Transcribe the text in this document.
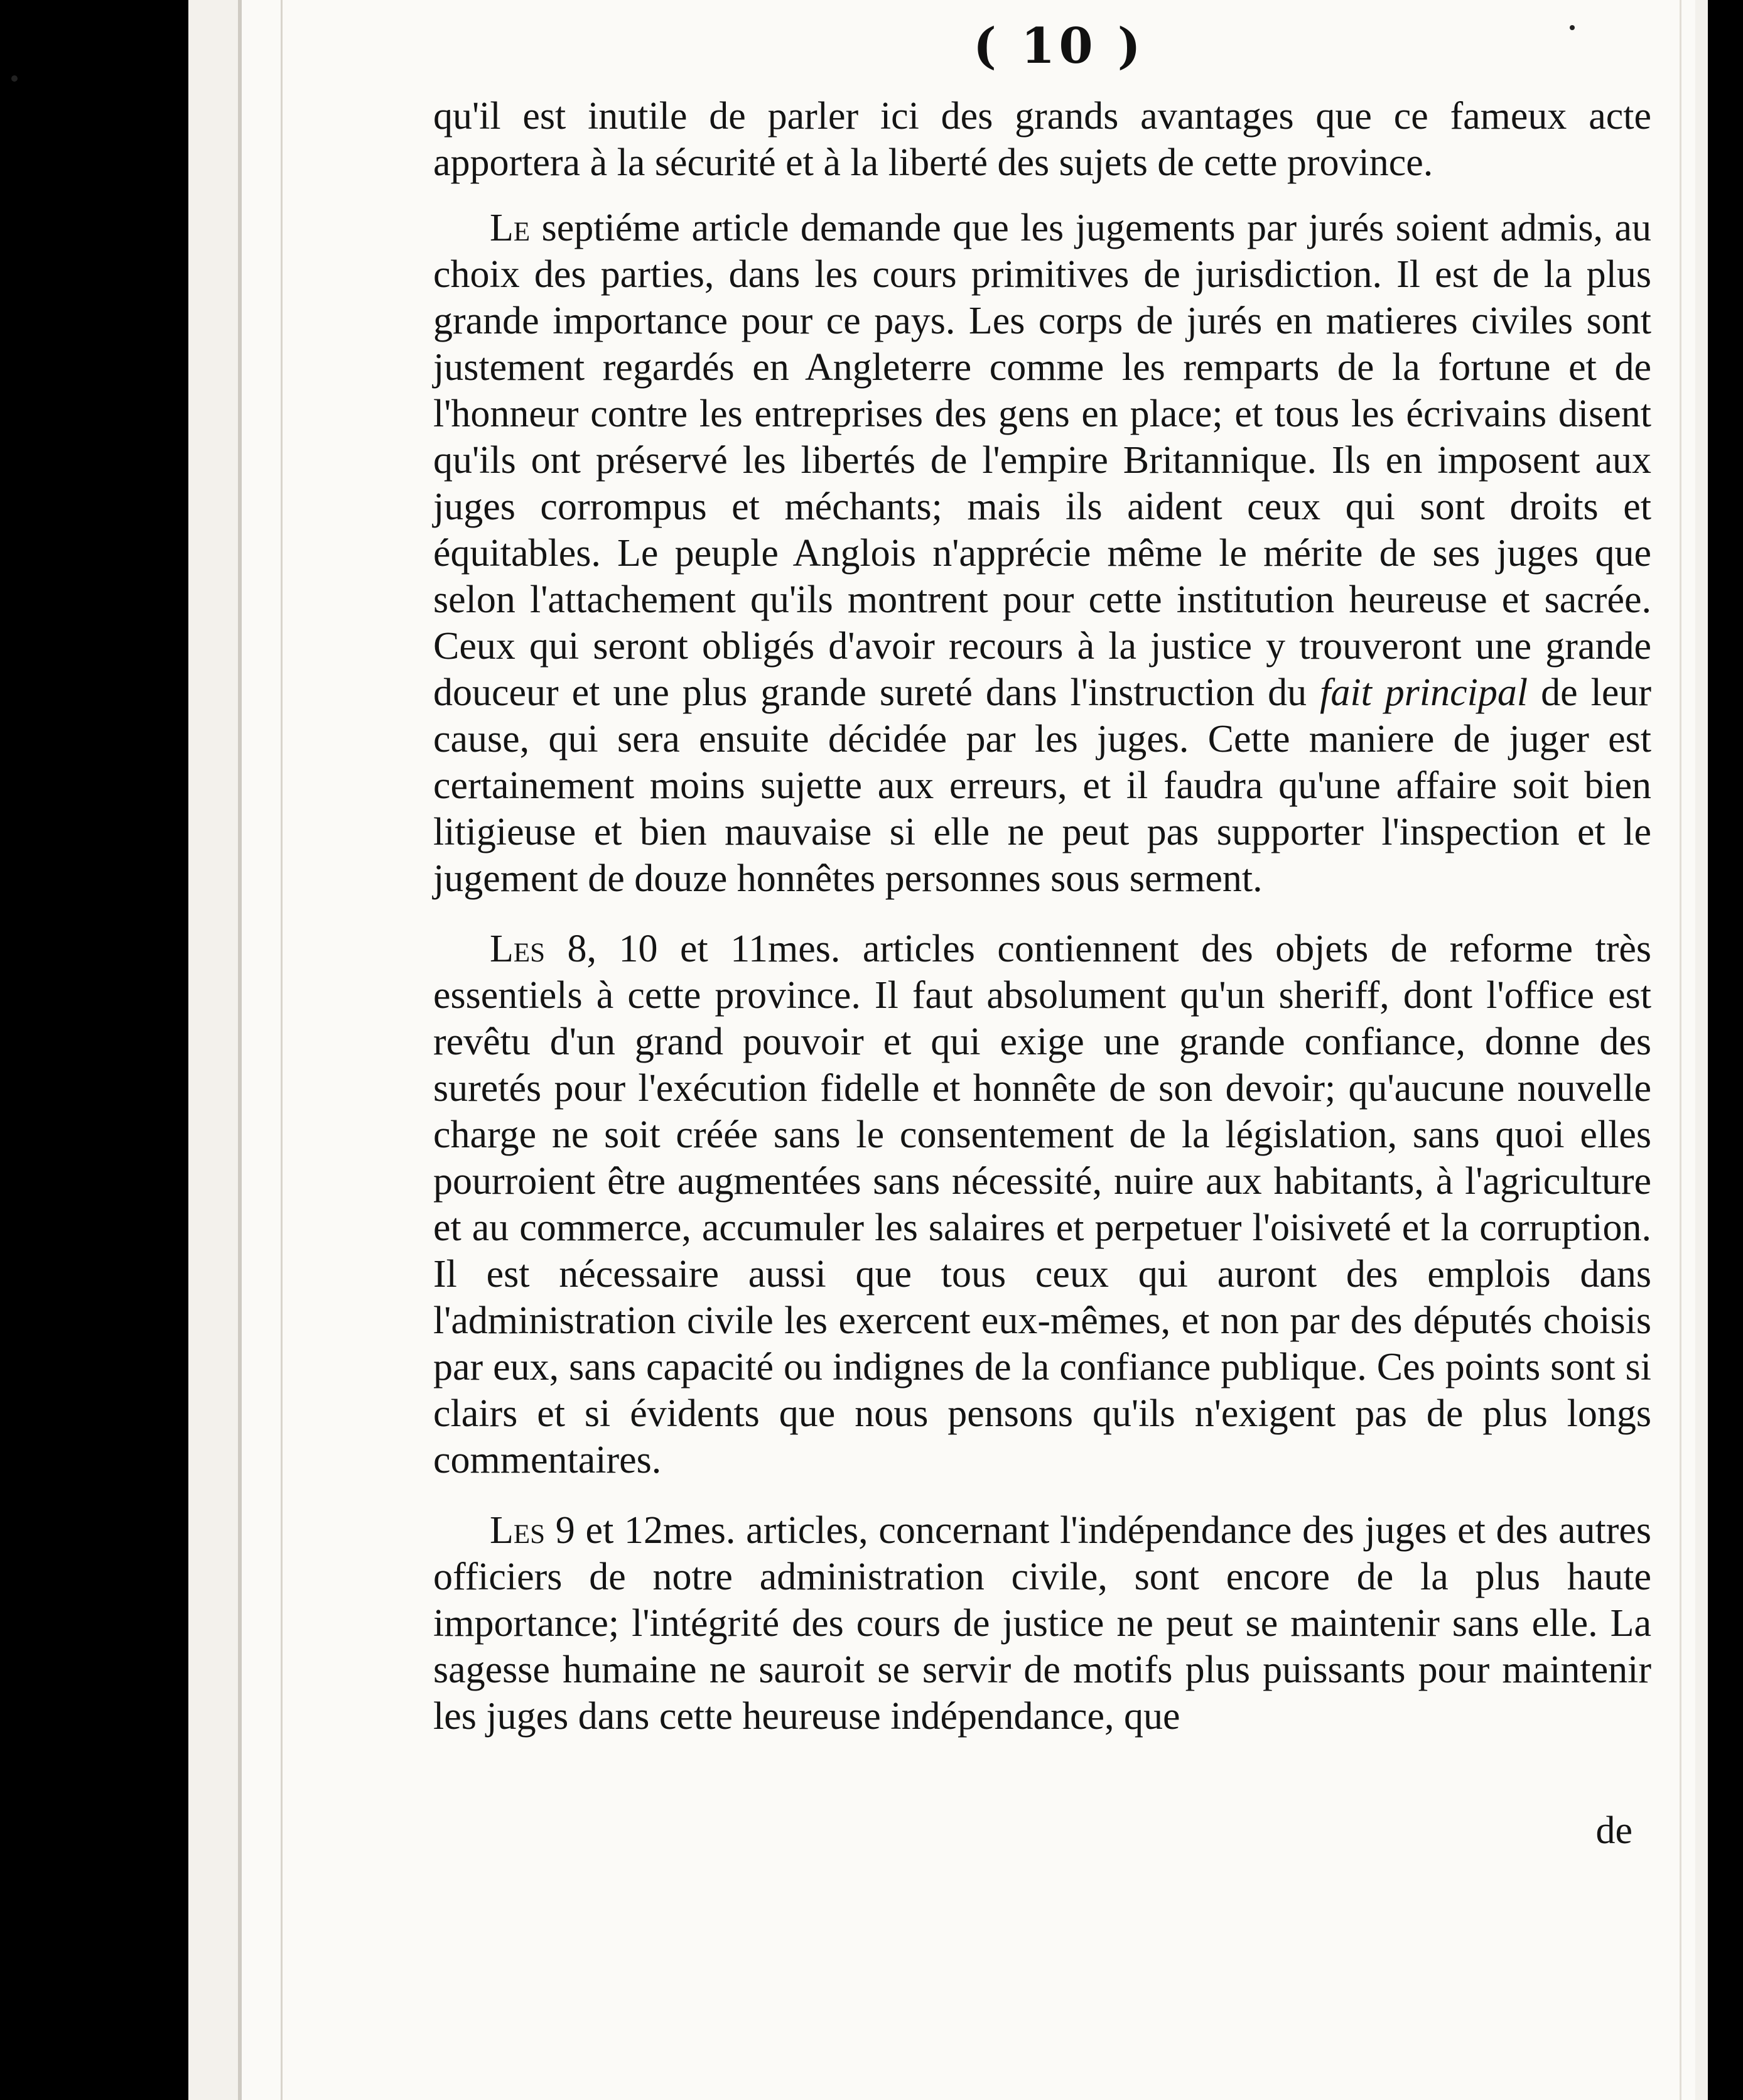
( 10 )

qu'il est inutile de parler ici des grands avantages que ce fameux acte apportera à la sécurité et à la liberté des sujets de cette province.

Le septiéme article demande que les jugements par jurés soient admis, au choix des parties, dans les cours primitives de jurisdiction. Il est de la plus grande importance pour ce pays. Les corps de jurés en matieres civiles sont justement regardés en Angleterre comme les remparts de la fortune et de l'honneur contre les entreprises des gens en place; et tous les écrivains disent qu'ils ont préservé les libertés de l'empire Britannique. Ils en imposent aux juges corrompus et méchants; mais ils aident ceux qui sont droits et équitables. Le peuple Anglois n'apprécie même le mérite de ses juges que selon l'attachement qu'ils montrent pour cette institution heureuse et sacrée. Ceux qui seront obligés d'avoir recours à la justice y trouveront une grande douceur et une plus grande sureté dans l'instruction du fait principal de leur cause, qui sera ensuite décidée par les juges. Cette maniere de juger est certainement moins sujette aux erreurs, et il faudra qu'une affaire soit bien litigieuse et bien mauvaise si elle ne peut pas supporter l'inspection et le jugement de douze honnêtes personnes sous serment.

Les 8, 10 et 11mes. articles contiennent des objets de reforme très essentiels à cette province. Il faut absolument qu'un sheriff, dont l'office est revêtu d'un grand pouvoir et qui exige une grande confiance, donne des suretés pour l'exécution fidelle et honnête de son devoir; qu'aucune nouvelle charge ne soit créée sans le consentement de la législation, sans quoi elles pourroient être augmentées sans nécessité, nuire aux habitants, à l'agriculture et au commerce, accumuler les salaires et perpetuer l'oisiveté et la corruption. Il est nécessaire aussi que tous ceux qui auront des emplois dans l'administration civile les exercent eux-mêmes, et non par des députés choisis par eux, sans capacité ou indignes de la confiance publique. Ces points sont si clairs et si évidents que nous pensons qu'ils n'exigent pas de plus longs commentaires.

Les 9 et 12mes. articles, concernant l'indépendance des juges et des autres officiers de notre administration civile, sont encore de la plus haute importance; l'intégrité des cours de justice ne peut se maintenir sans elle. La sagesse humaine ne sauroit se servir de motifs plus puissants pour maintenir les juges dans cette heureuse indépendance, que

de
